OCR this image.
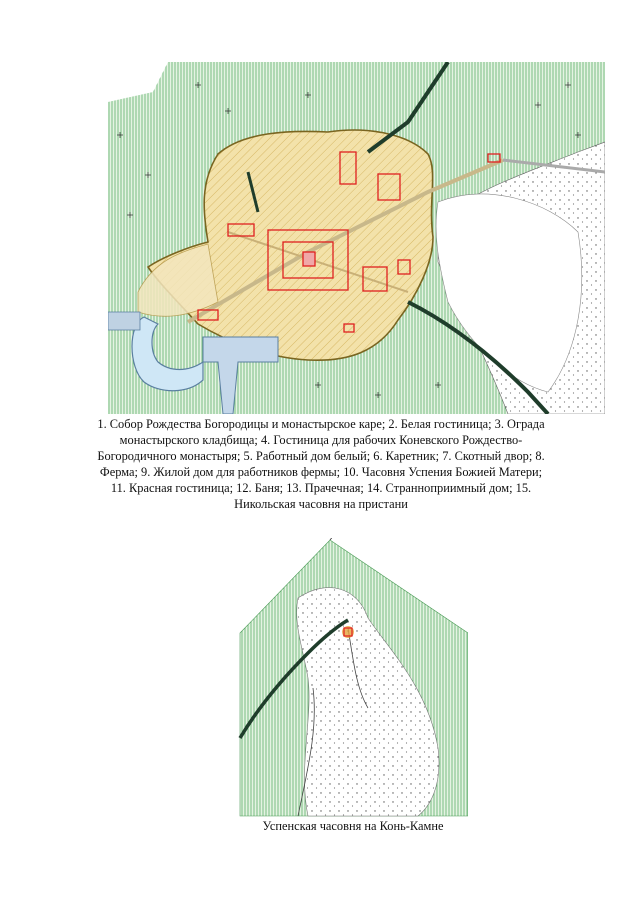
1. Собор Рождества Богородицы и монастырское каре; 2. Белая гостиница; 3. Ограда монастырского кладбища; 4. Гостиница для рабочих Коневского Рождество-Богородичного монастыря; 5. Работный дом белый; 6. Каретник; 7. Скотный двор; 8. Ферма; 9. Жилой дом для работников фермы; 10. Часовня Успения Божией Матери; 11. Красная гостиница; 12. Баня; 13. Прачечная; 14. Странноприимный дом; 15. Никольская часовня на пристани
Успенская часовня на Конь-Камне
